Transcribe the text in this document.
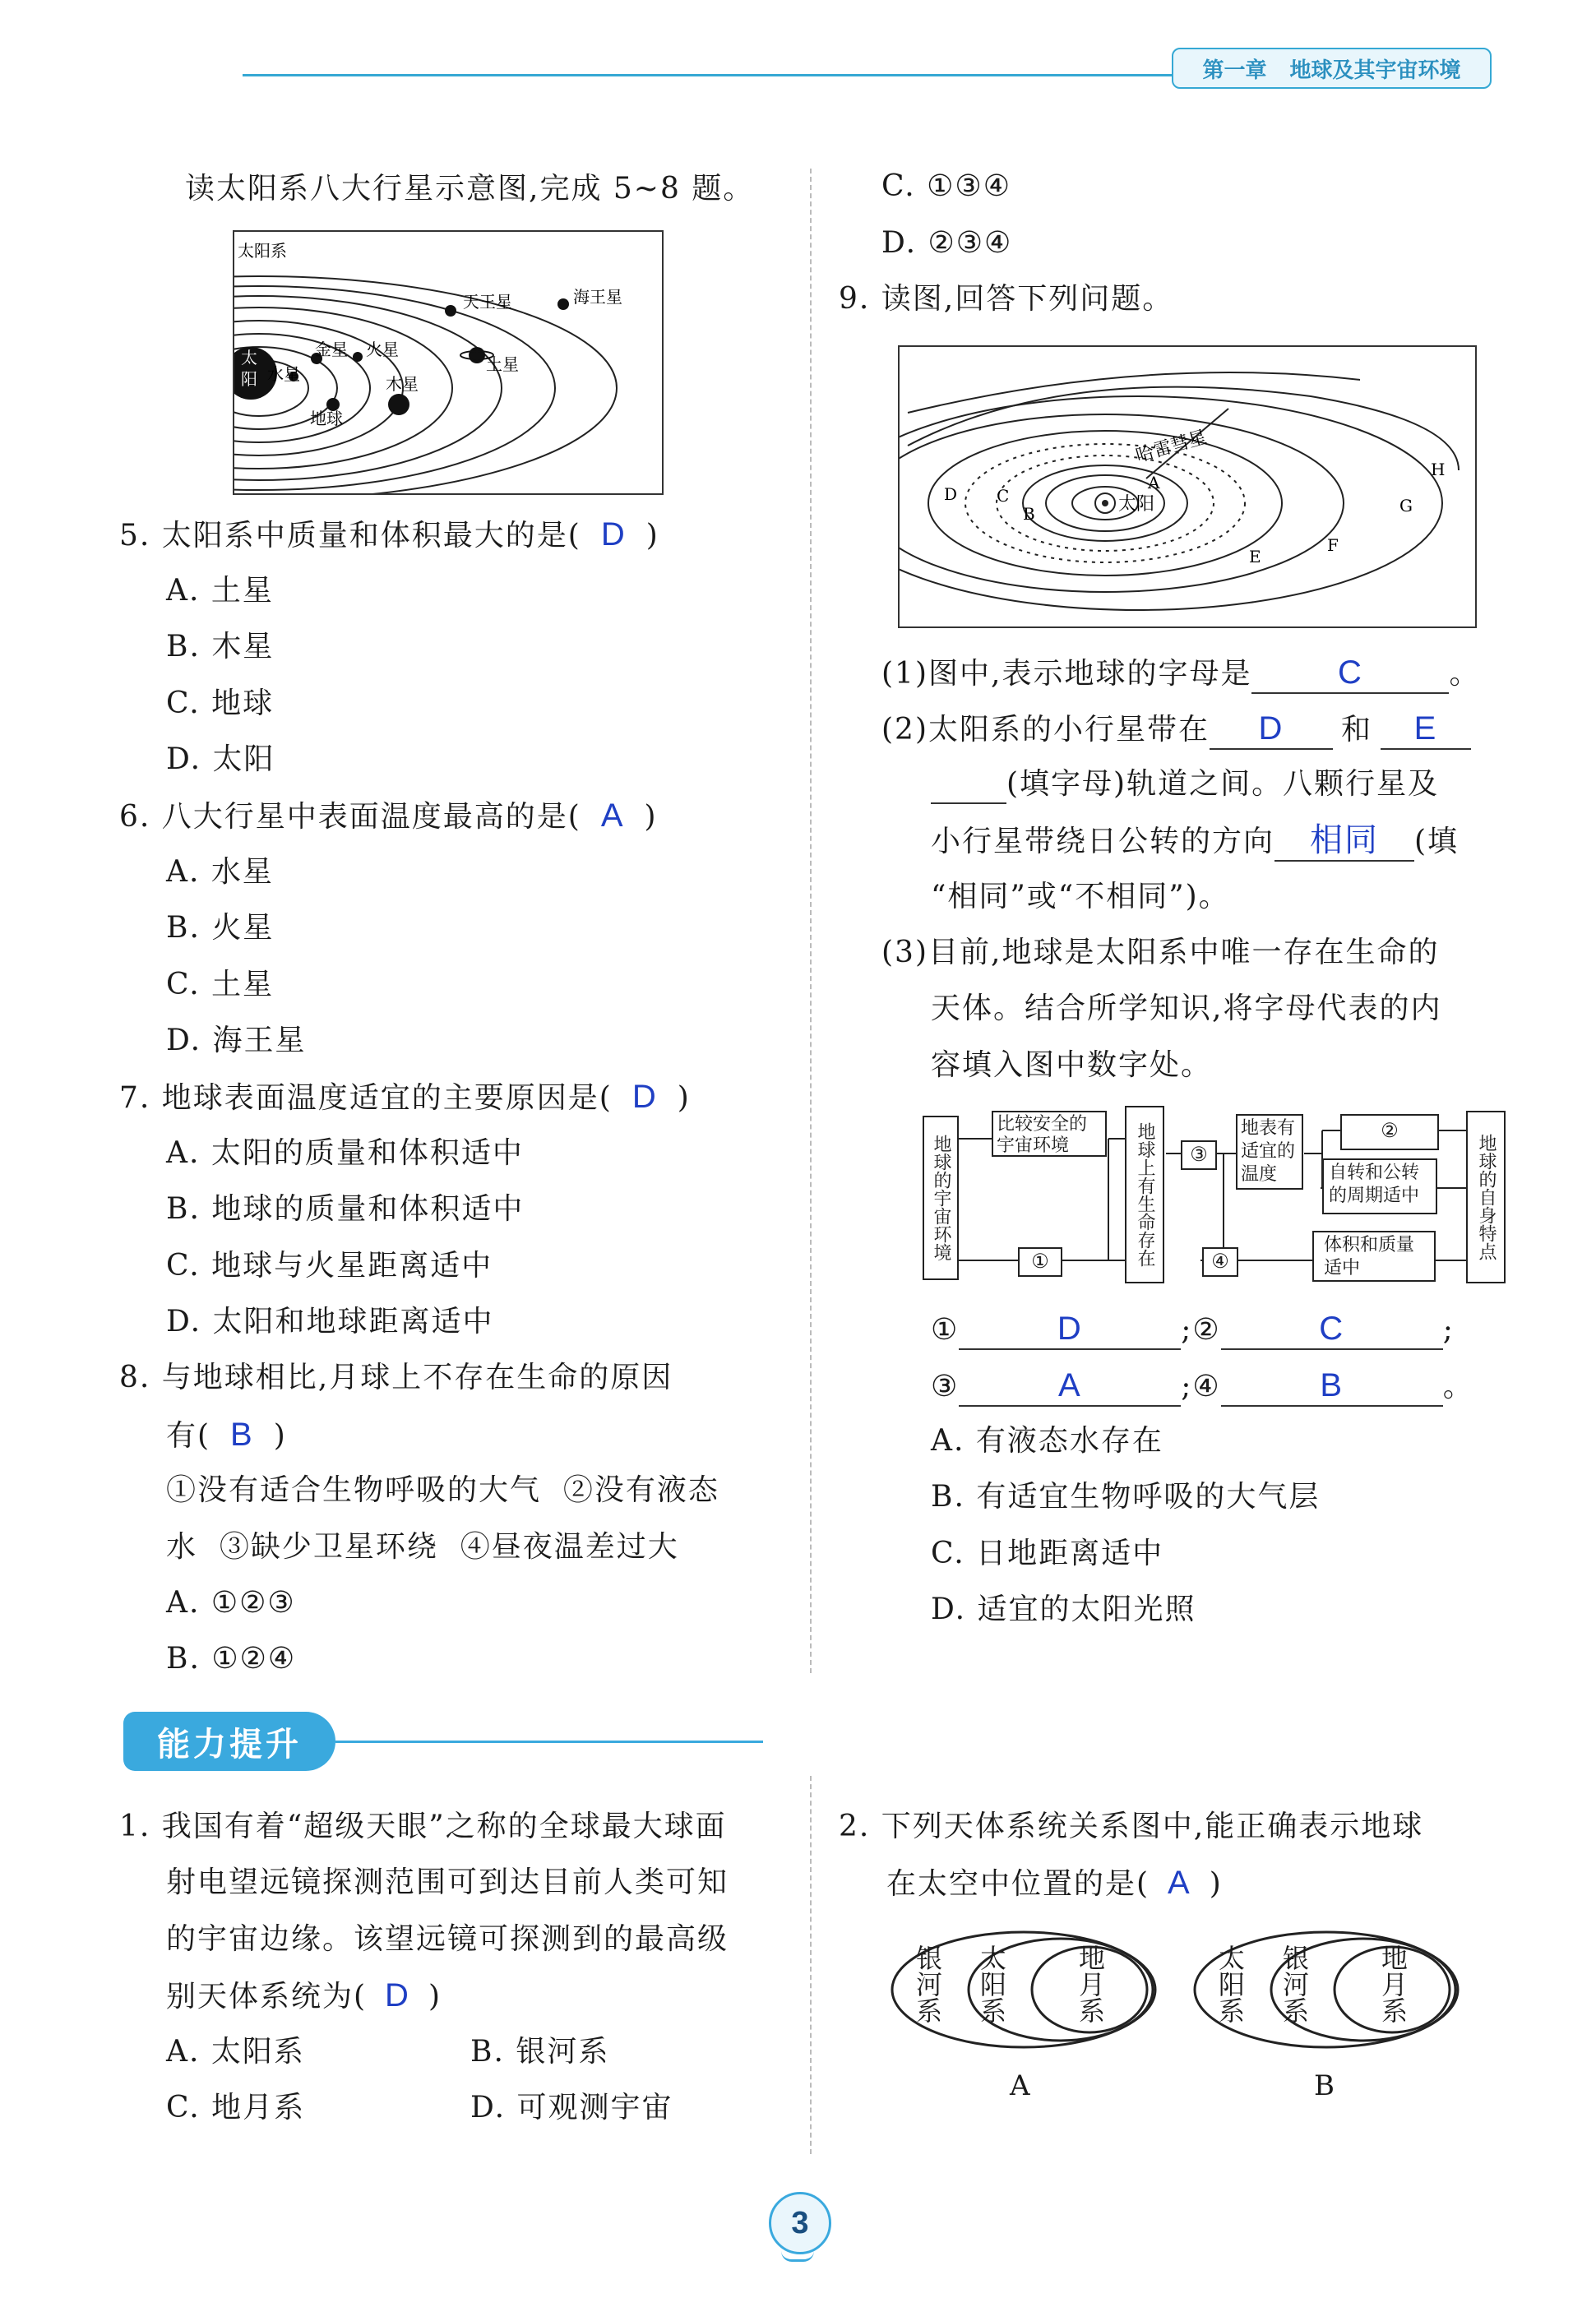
第一章 地球及其宇宙环境
读太阳系八大行星示意图,完成 5~8 题。
太
阳 水星
金星
地球
火星
木星
土星
天王星	海王星
太阳系
5. 太阳系中质量和体积最大的是( D )
A. 土星
B. 木星
C. 地球
D. 太阳
6. 八大行星中表面温度最高的是( A )
A. 水星
B. 火星
C. 土星
D. 海王星
7. 地球表面温度适宜的主要原因是( D )
A. 太阳的质量和体积适中
B. 地球的质量和体积适中
C. 地球与火星距离适中
D. 太阳和地球距离适中
8. 与地球相比,月球上不存在生命的原因
有( B )
①没有适合生物呼吸的大气  ②没有液态
水  ③缺少卫星环绕  ④昼夜温差过大
A. ①②③
B. ①②④
C. ①③④
D. ②③④
9. 读图,回答下列问题。
太阳
哈雷彗星
A
B
C
D
E
F
G
H
(1)图中,表示地球的字母是	C	。
(2)太阳系的小行星带在 D 和 E
(填字母)轨道之间。八颗行星及
小行星带绕日公转的方向 相同 (填
“相同”或“不相同”)。
(3)目前,地球是太阳系中唯一存在生命的
天体。结合所学知识,将字母代表的内
容填入图中数字处。
地球的宇宙环境
比较安全的宇宙环境
①	地球上有生命存在	③
④
地表有适宜的温度
②
自转和公转的周期适中
体积和质量适中
地球的自身特点
①	D	;②	C	;
③	A	;④	B	。
A. 有液态水存在
B. 有适宜生物呼吸的大气层
C. 日地距离适中
D. 适宜的太阳光照
能力提升
1. 我国有着“超级天眼”之称的全球最大球面
射电望远镜探测范围可到达目前人类可知
的宇宙边缘。该望远镜可探测到的最高级
别天体系统为( D )
A. 太阳系	B. 银河系
C. 地月系	D. 可观测宇宙
2. 下列天体系统关系图中,能正确表示地球
在太空中位置的是( A )
银河系 太阳系	地月系
A
太阳系 银河系	地月系
B
3
